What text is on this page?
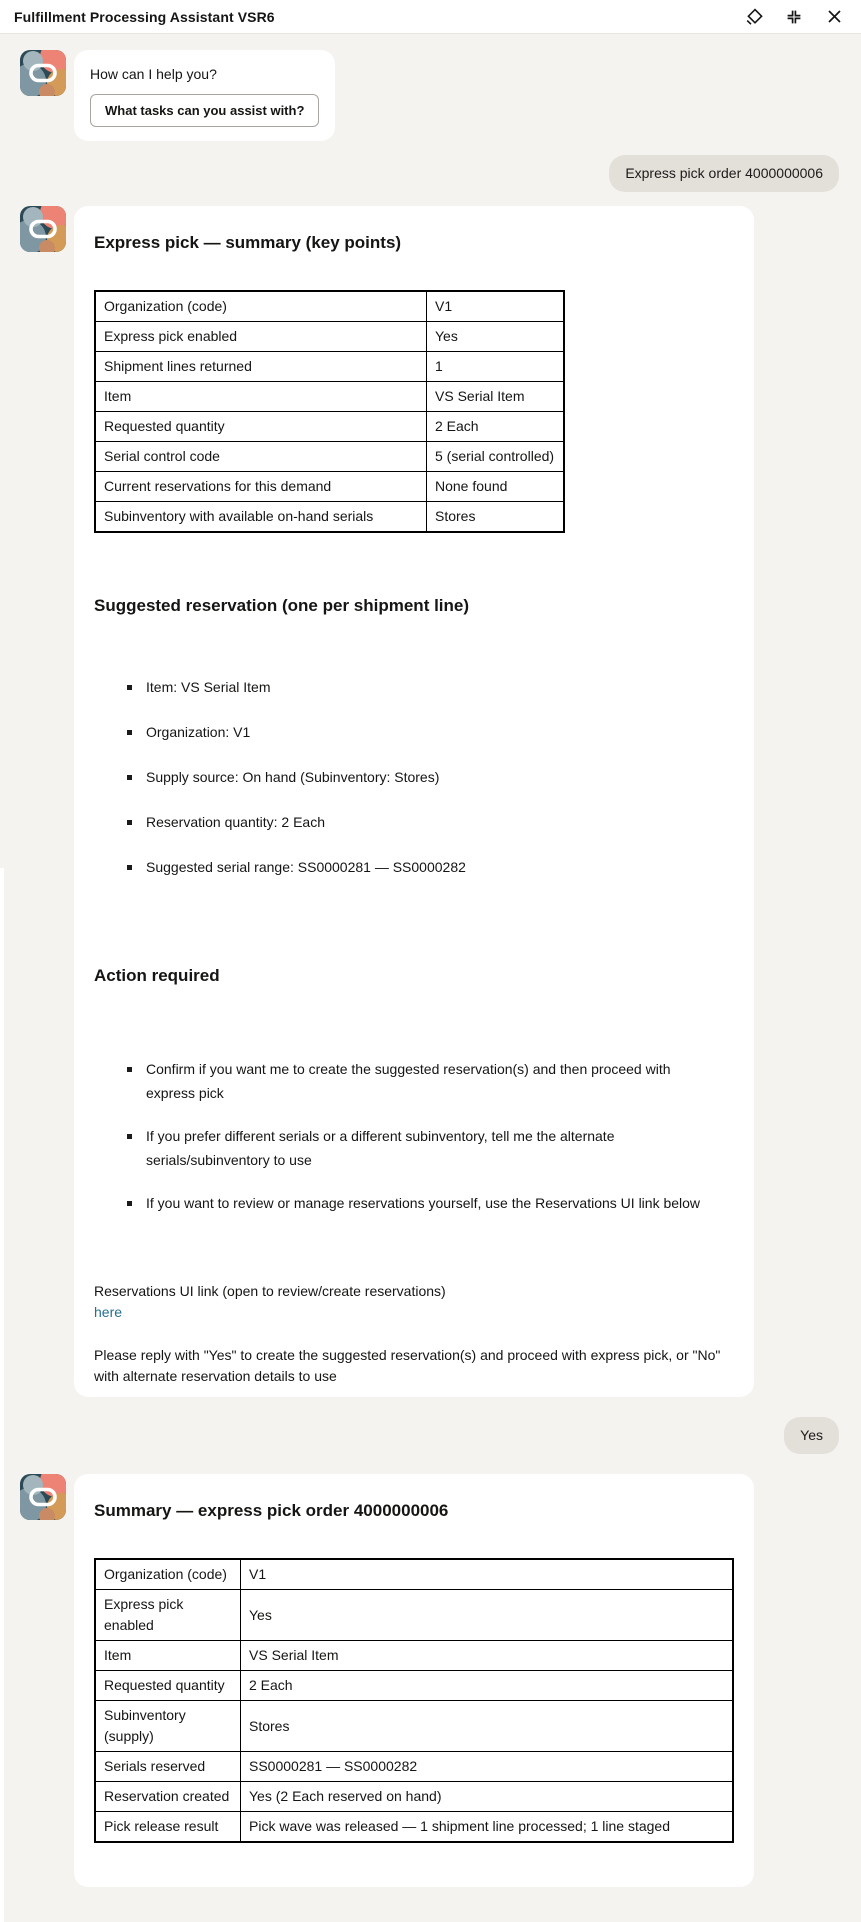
Fulfillment Processing Assistant VSR6
How can I help you?
What tasks can you assist with?
Express pick order 4000000006
Express pick — summary (key points)
Organization (code)	V1
Express pick enabled	Yes
Shipment lines returned	1
Item	VS Serial Item
Requested quantity	2 Each
Serial control code	5 (serial controlled)
Current reservations for this demand	None found
Subinventory with available on-hand serials	Stores
Suggested reservation (one per shipment line)
Item: VS Serial Item
Organization: V1
Supply source: On hand (Subinventory: Stores)
Reservation quantity: 2 Each
Suggested serial range: SS0000281 — SS0000282
Action required
Confirm if you want me to create the suggested reservation(s) and then proceed with express pick
If you prefer different serials or a different subinventory, tell me the alternate serials/subinventory to use
If you want to review or manage reservations yourself, use the Reservations UI link below
Reservations UI link (open to review/create reservations)
here
Please reply with "Yes" to create the suggested reservation(s) and proceed with express pick, or "No" with alternate reservation details to use
Yes
Summary — express pick order 4000000006
Organization (code)	V1
Express pick enabled	Yes
Item	VS Serial Item
Requested quantity	2 Each
Subinventory (supply)	Stores
Serials reserved	SS0000281 — SS0000282
Reservation created	Yes (2 Each reserved on hand)
Pick release result	Pick wave was released — 1 shipment line processed; 1 line staged
